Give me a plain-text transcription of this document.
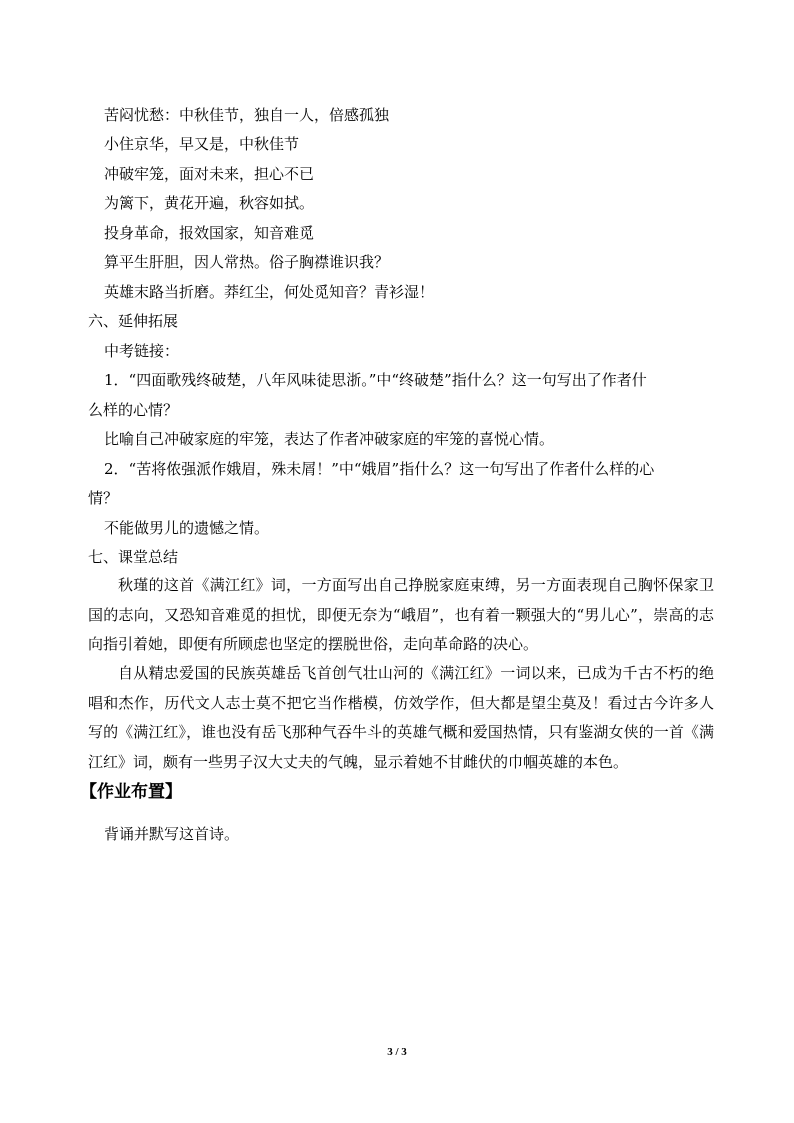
苦闷忧愁：中秋佳节，独自一人，倍感孤独
小住京华，早又是，中秋佳节
冲破牢笼，面对未来，担心不已
为篱下，黄花开遍，秋容如拭。
投身革命，报效国家，知音难觅
算平生肝胆，因人常热。俗子胸襟谁识我？
英雄末路当折磨。莽红尘，何处觅知音？青衫湿！
六、延伸拓展
中考链接：
1．“四面歌残终破楚，八年风味徒思浙。”中“终破楚”指什么？这一句写出了作者什
么样的心情？
比喻自己冲破家庭的牢笼，表达了作者冲破家庭的牢笼的喜悦心情。
2．“苦将侬强派作娥眉，殊未屑！”中“娥眉”指什么？这一句写出了作者什么样的心
情？
不能做男儿的遗憾之情。
七、课堂总结
秋瑾的这首《满江红》词，一方面写出自己挣脱家庭束缚，另一方面表现自己胸怀保家卫国的志向，又恐知音难觅的担忧，即便无奈为“峨眉”，也有着一颗强大的“男儿心”，崇高的志向指引着她，即便有所顾虑也坚定的摆脱世俗，走向革命路的决心。
自从精忠爱国的民族英雄岳飞首创气壮山河的《满江红》一词以来，已成为千古不朽的绝唱和杰作，历代文人志士莫不把它当作楷模，仿效学作，但大都是望尘莫及！看过古今许多人写的《满江红》，谁也没有岳飞那种气吞牛斗的英雄气概和爱国热情，只有鉴湖女侠的一首《满江红》词，颇有一些男子汉大丈夫的气魄，显示着她不甘雌伏的巾帼英雄的本色。
【作业布置】
背诵并默写这首诗。
3 / 3
